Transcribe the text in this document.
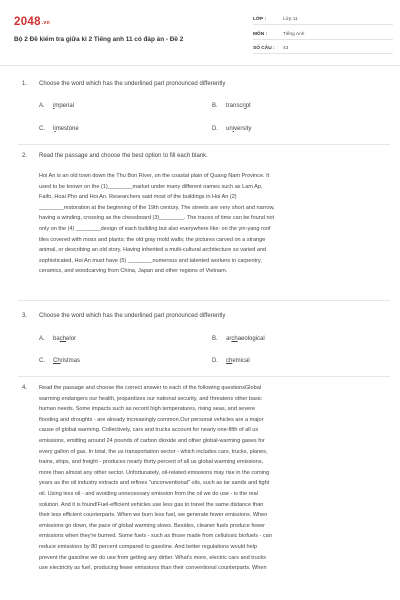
2048.vn
Bộ 2 Đề kiểm tra giữa kì 2 Tiếng anh 11 có đáp án - Đề 2
LỚP :	Lớp 11
MÔN :	Tiếng Anh
SỐ CÂU : 43
1. Choose the word which has the underlined part pronounced differently
A. imperial	B. transcript
C. limestone	D. university
2. Read the passage and choose the best option to fill each blank.
Hoi An is an old town down the Thu Bon River, on the coastal plain of Quang Nam Province. It
used to be known on the (1)________market under many different names such as Lam Ap,
Faifo, Hoai Pho and Hoi An. Researchers said most of the buildings in Hoi An (2)
________restoration at the beginning of the 19th century. The streets are very short and narrow,
having a winding, crossing as the chessboard (3)________. The traces of time can be found not
only on the (4) ________design of each building but also everywhere like: on the yin-yang roof
tiles covered with moss and plants; the old gray mold walls; the pictures carved on a strange
animal, or describing an old story. Having inherited a multi-cultural architecture so varied and
sophisticated, Hoi An must have (5) ________numerous and talented workers in carpentry,
ceramics, and woodcarving from China, Japan and other regions of Vietnam.
3. Choose the word which has the underlined part pronounced differently
A. bachelor	B. archaeological
C. Christmas	D. chemical
4. Read the passage and choose the correct answer to each of the following questionsGlobal
warming endangers our health, jeopardizes our national security, and threatens other basic
human needs. Some impacts such as record high temperatures, rising seas, and severe
flooding and droughts - are already increasingly common.Our personal vehicles are a major
cause of global warming. Collectively, cars and trucks account for nearly one-fifth of all us
emissions, emitting around 24 pounds of carbon dioxide and other global-warming gases for
every gallon of gas. In total, the us transportation sector - which includes cars, trucks, planes,
trains, ships, and freight - produces nearly thirty percent of all us global warming emissions,
more than almost any other sector. Unfortunately, oil-related emissions may rise in the coming
years as the oil industry extracts and refines "unconventional" oils, such as tar sands and tight
oil. Using less oil - and avoiding unnecessary emission from the oil we do use - is the real
solution. And it is found!Fuel-efficient vehicles use less gas to travel the same distance than
their less efficient counterparts. When we burn less fuel, we generate fewer emissions. When
emissions go down, the pace of global warming slows. Besides, cleaner fuels produce fewer
emissions when they're burned. Some fuels - such as those made from cellulosic biofuels - can
reduce emissions by 80 percent compared to gasoline. And better regulations would help
prevent the gasoline we do use from getting any dirtier. What's more, electric cars and trucks
use electricity as fuel, producing fewer emissions than their conventional counterparts. When
